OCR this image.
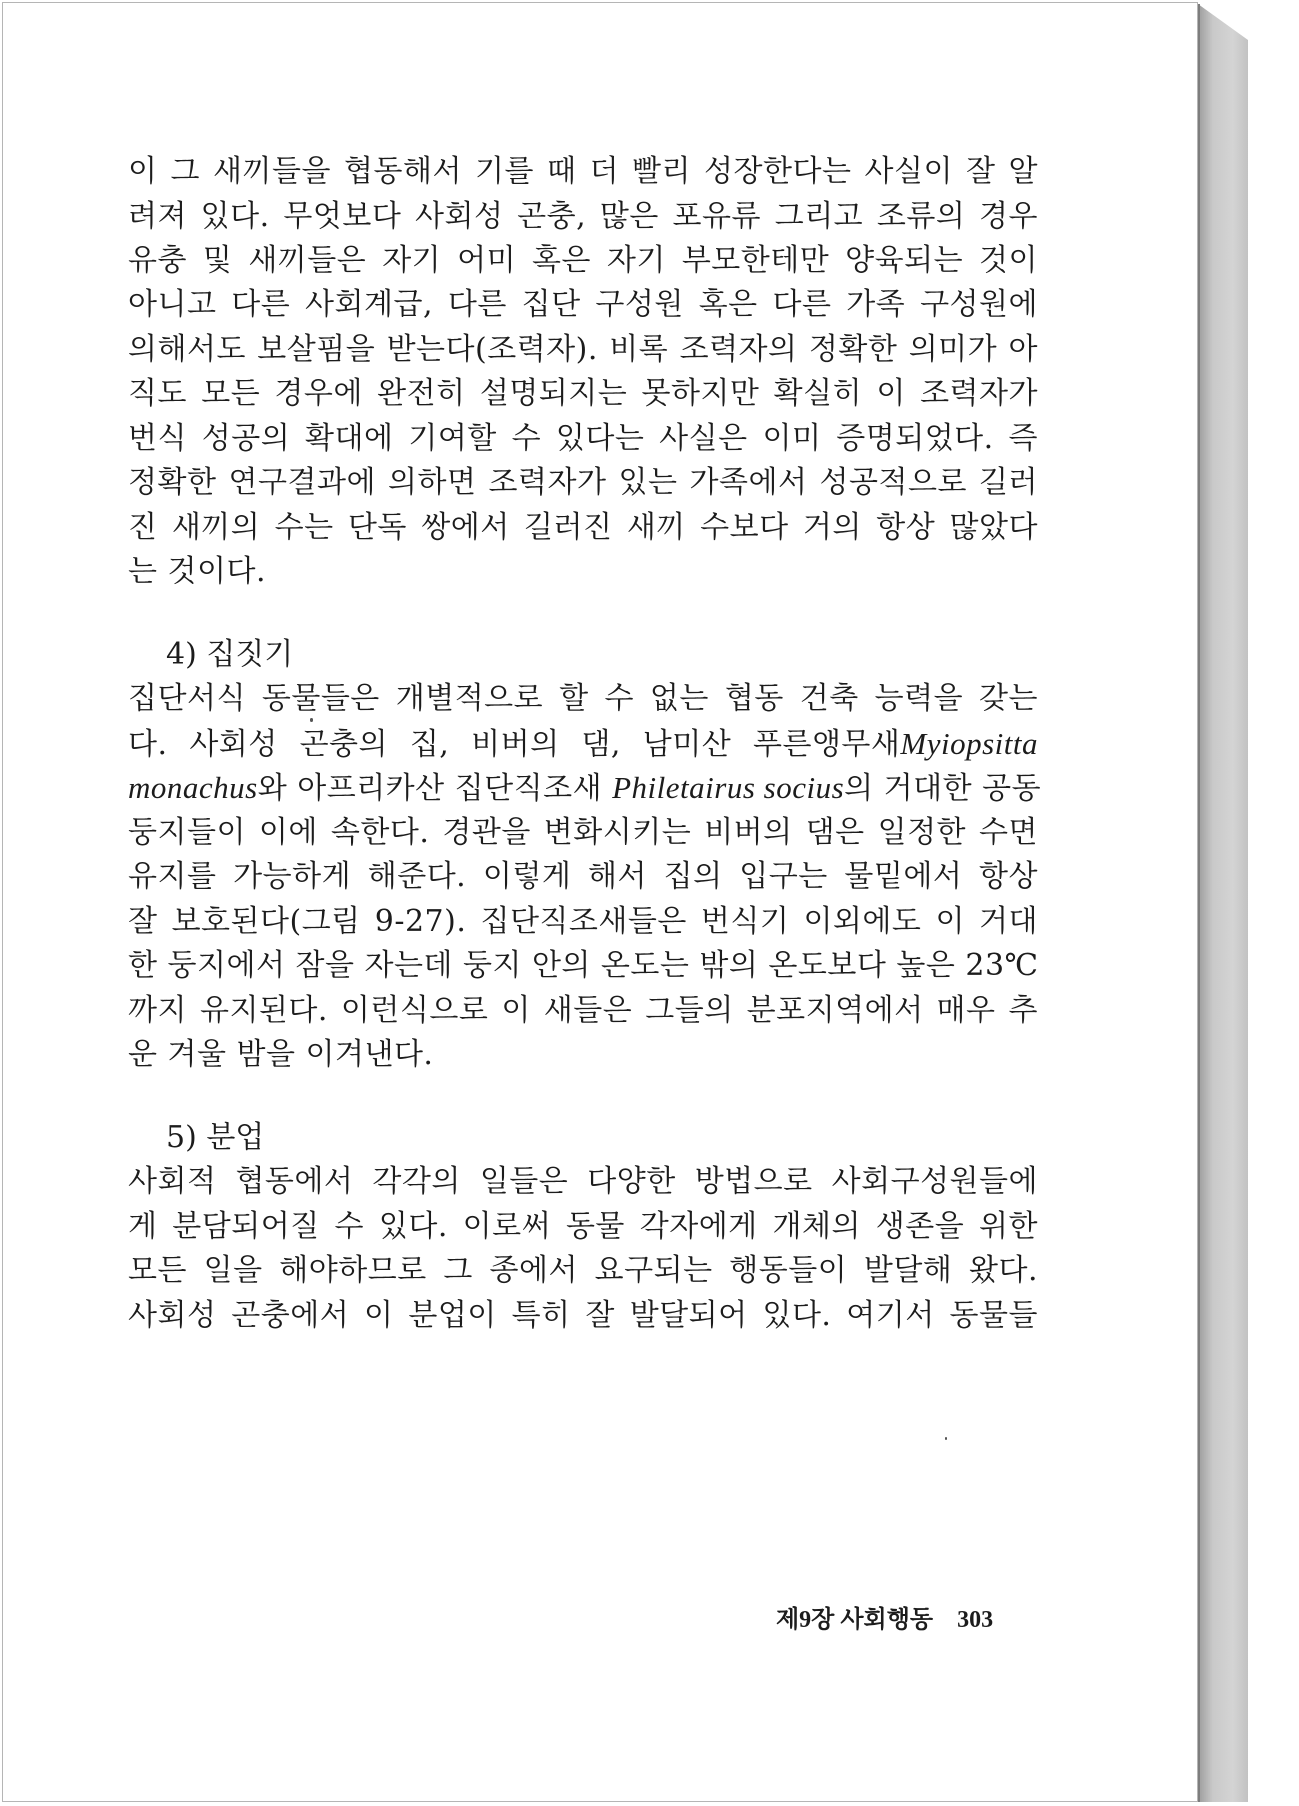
이 그 새끼들을 협동해서 기를 때 더 빨리 성장한다는 사실이 잘 알
려져 있다. 무엇보다 사회성 곤충, 많은 포유류 그리고 조류의 경우
유충 및 새끼들은 자기 어미 혹은 자기 부모한테만 양육되는 것이
아니고 다른 사회계급, 다른 집단 구성원 혹은 다른 가족 구성원에
의해서도 보살핌을 받는다(조력자). 비록 조력자의 정확한 의미가 아
직도 모든 경우에 완전히 설명되지는 못하지만 확실히 이 조력자가
번식 성공의 확대에 기여할 수 있다는 사실은 이미 증명되었다. 즉
정확한 연구결과에 의하면 조력자가 있는 가족에서 성공적으로 길러
진 새끼의 수는 단독 쌍에서 길러진 새끼 수보다 거의 항상 많았다
는 것이다.
4) 집짓기
집단서식 동물들은 개별적으로 할 수 없는 협동 건축 능력을 갖는
다. 사회성 곤충의 집, 비버의 댐, 남미산 푸른앵무새Myiopsitta
monachus와 아프리카산 집단직조새 Philetairus socius의 거대한 공동
둥지들이 이에 속한다. 경관을 변화시키는 비버의 댐은 일정한 수면
유지를 가능하게 해준다. 이렇게 해서 집의 입구는 물밑에서 항상
잘 보호된다(그림 9-27). 집단직조새들은 번식기 이외에도 이 거대
한 둥지에서 잠을 자는데 둥지 안의 온도는 밖의 온도보다 높은 23℃
까지 유지된다. 이런식으로 이 새들은 그들의 분포지역에서 매우 추
운 겨울 밤을 이겨낸다.
5) 분업
사회적 협동에서 각각의 일들은 다양한 방법으로 사회구성원들에
게 분담되어질 수 있다. 이로써 동물 각자에게 개체의 생존을 위한
모든 일을 해야하므로 그 종에서 요구되는 행동들이 발달해 왔다.
사회성 곤충에서 이 분업이 특히 잘 발달되어 있다. 여기서 동물들
제9장 사회행동 303
